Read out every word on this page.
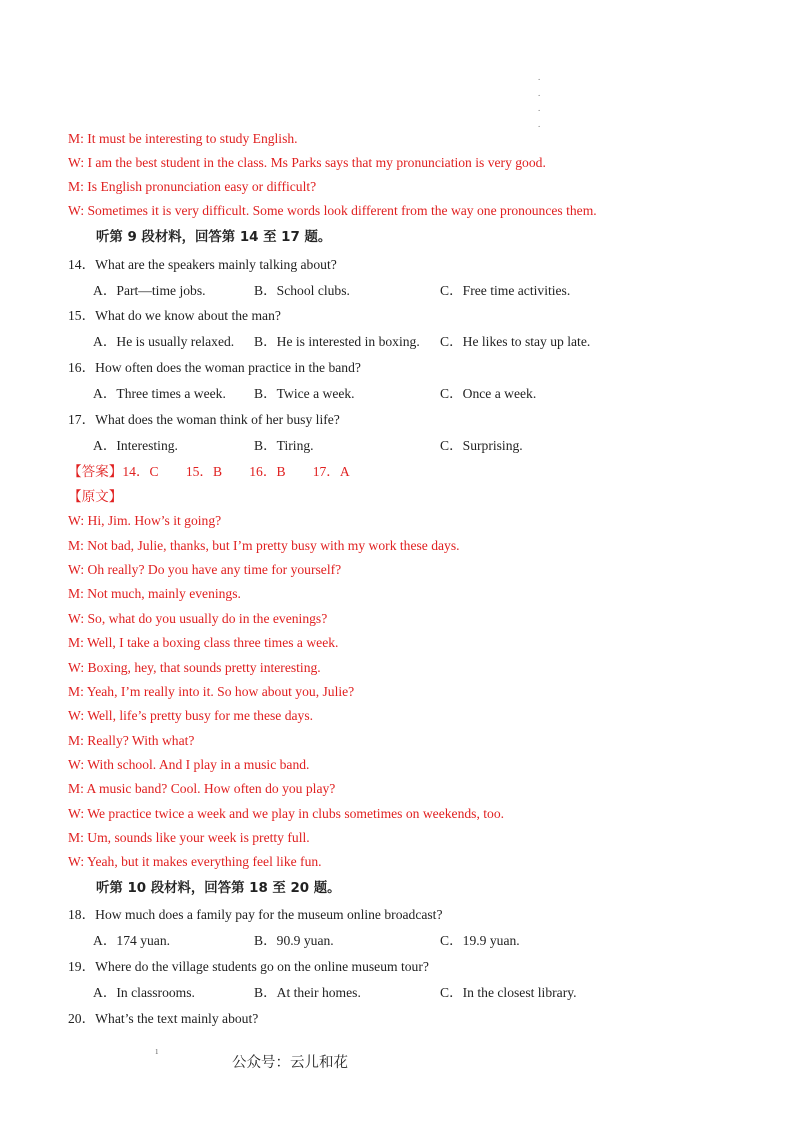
.
.
.
.
M: It must be interesting to study English.
W: I am the best student in the class. Ms Parks says that my pronunciation is very good.
M: Is English pronunciation easy or difficult?
W: Sometimes it is very difficult. Some words look different from the way one pronounces them.
听第 9 段材料，回答第 14 至 17 题。
14．What are the speakers mainly talking about?
A．Part—time jobs.	B．School clubs.	C．Free time activities.
15．What do we know about the man?
A．He is usually relaxed. B．He is interested in boxing. C．He likes to stay up late.
16．How often does the woman practice in the band?
A．Three times a week. B．Twice a week.	C．Once a week.
17．What does the woman think of her busy life?
A．Interesting.	B．Tiring.	C．Surprising.
【答案】14．C　　15．B　　16．B　　17．A
【原文】
W: Hi, Jim. How’s it going?
M: Not bad, Julie, thanks, but I’m pretty busy with my work these days.
W: Oh really? Do you have any time for yourself?
M: Not much, mainly evenings.
W: So, what do you usually do in the evenings?
M: Well, I take a boxing class three times a week.
W: Boxing, hey, that sounds pretty interesting.
M: Yeah, I’m really into it. So how about you, Julie?
W: Well, life’s pretty busy for me these days.
M: Really? With what?
W: With school. And I play in a music band.
M: A music band? Cool. How often do you play?
W: We practice twice a week and we play in clubs sometimes on weekends, too.
M: Um, sounds like your week is pretty full.
W: Yeah, but it makes everything feel like fun.
听第 10 段材料，回答第 18 至 20 题。
18．How much does a family pay for the museum online broadcast?
A．174 yuan.	B．90.9 yuan.	C．19.9 yuan.
19．Where do the village students go on the online museum tour?
A．In classrooms.	B．At their homes.	C．In the closest library.
20．What’s the text mainly about?
1
公众号：云儿和花
